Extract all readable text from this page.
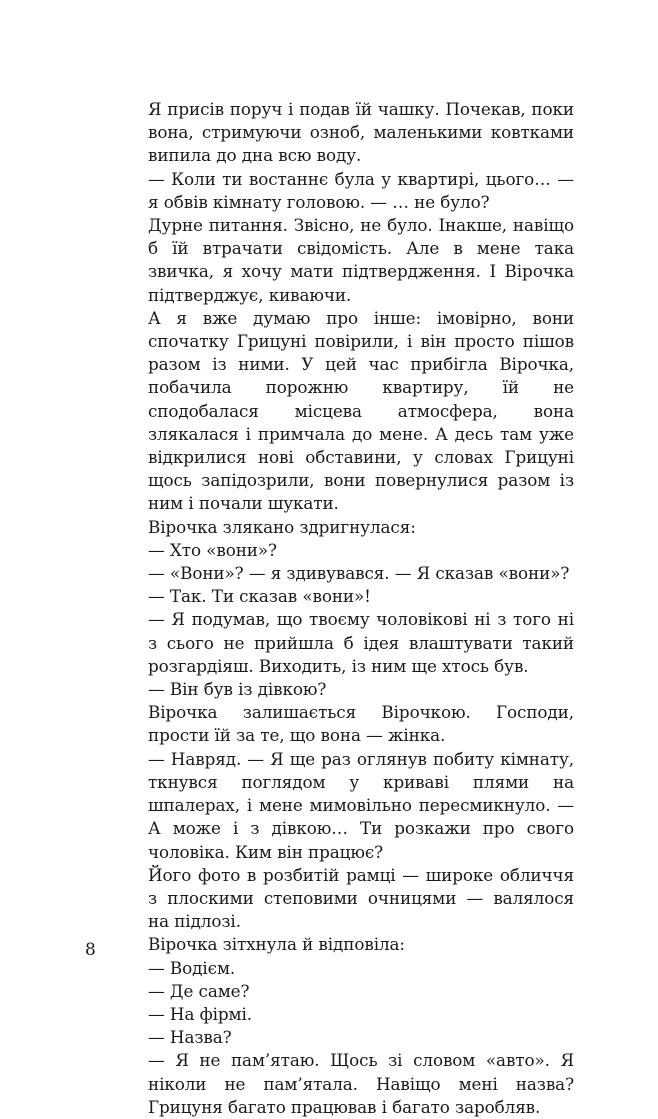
Я присів поруч і подав їй чашку. Почекав, поки вона, стримуючи озноб, маленькими ковтками випила до дна всю воду.

— Коли ти востаннє була у квартирі, цього… — я обвів кімнату головою. — … не було?

Дурне питання. Звісно, не було. Інакше, навіщо б їй втрачати свідомість. Але в мене така звичка, я хочу мати підтвердження. І Вірочка підтверджує, киваючи.

А я вже думаю про інше: імовірно, вони спочатку Грицуні повірили, і він просто пішов разом із ними. У цей час прибігла Вірочка, побачила порожню квартиру, їй не сподобалася місцева атмосфера, вона злякалася і примчала до мене. А десь там уже відкрилися нові обставини, у словах Грицуні щось запідозрили, вони повернулися разом із ним і почали шукати.

Вірочка злякано здригнулася:

— Хто «вони»?

— «Вони»? — я здивувався. — Я сказав «вони»?

— Так. Ти сказав «вони»!

— Я подумав, що твоєму чоловікові ні з того ні з сього не прийшла б ідея влаштувати такий розгардіяш. Виходить, із ним ще хтось був.

— Він був із дівкою?

Вірочка залишається Вірочкою. Господи, прости їй за те, що вона — жінка.

— Навряд. — Я ще раз оглянув побиту кімнату, ткнувся поглядом у криваві плями на шпалерах, і мене мимовільно пересмикнуло. — А може і з дівкою… Ти розкажи про свого чоловіка. Ким він працює?

Його фото в розбитій рамці — широке обличчя з плоскими степовими очницями — валялося на підлозі.

Вірочка зітхнула й відповіла:

— Водієм.

— Де саме?

— На фірмі.

— Назва?

— Я не пам’ятаю. Щось зі словом «авто». Я ніколи не пам’ятала. Навіщо мені назва? Грицуня багато працював і багато заробляв.

8
